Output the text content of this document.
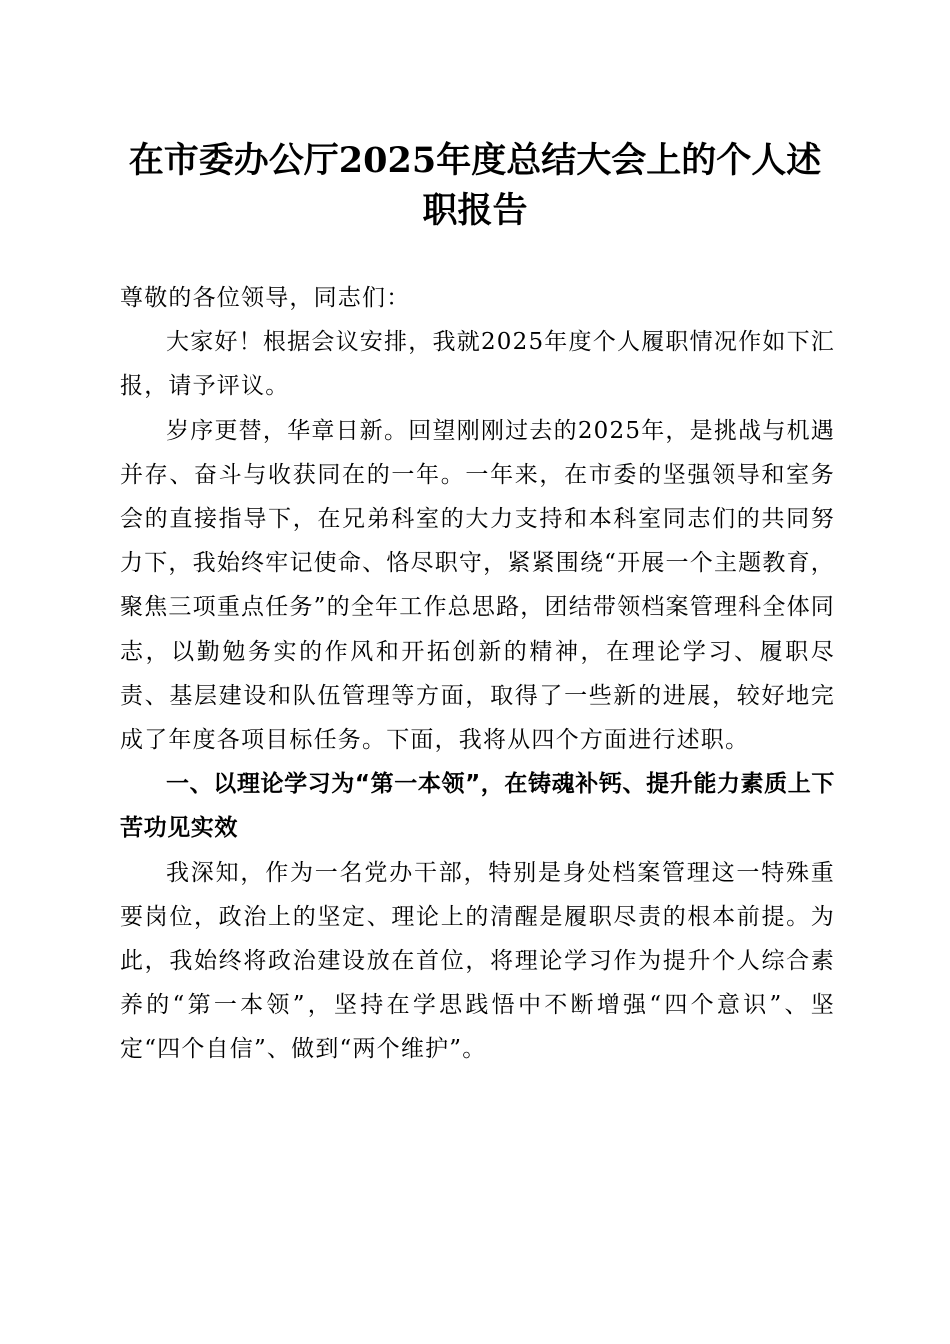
在市委办公厅2025年度总结大会上的个人述
职报告

尊敬的各位领导，同志们：

大家好！根据会议安排，我就2025年度个人履职情况作如下汇报，请予评议。

岁序更替，华章日新。回望刚刚过去的2025年，是挑战与机遇并存、奋斗与收获同在的一年。一年来，在市委的坚强领导和室务会的直接指导下，在兄弟科室的大力支持和本科室同志们的共同努力下，我始终牢记使命、恪尽职守，紧紧围绕“开展一个主题教育，聚焦三项重点任务”的全年工作总思路，团结带领档案管理科全体同志，以勤勉务实的作风和开拓创新的精神，在理论学习、履职尽责、基层建设和队伍管理等方面，取得了一些新的进展，较好地完成了年度各项目标任务。下面，我将从四个方面进行述职。

一、以理论学习为“第一本领”，在铸魂补钙、提升能力素质上下苦功见实效

我深知，作为一名党办干部，特别是身处档案管理这一特殊重要岗位，政治上的坚定、理论上的清醒是履职尽责的根本前提。为此，我始终将政治建设放在首位，将理论学习作为提升个人综合素养的“第一本领”，坚持在学思践悟中不断增强“四个意识”、坚定“四个自信”、做到“两个维护”。
